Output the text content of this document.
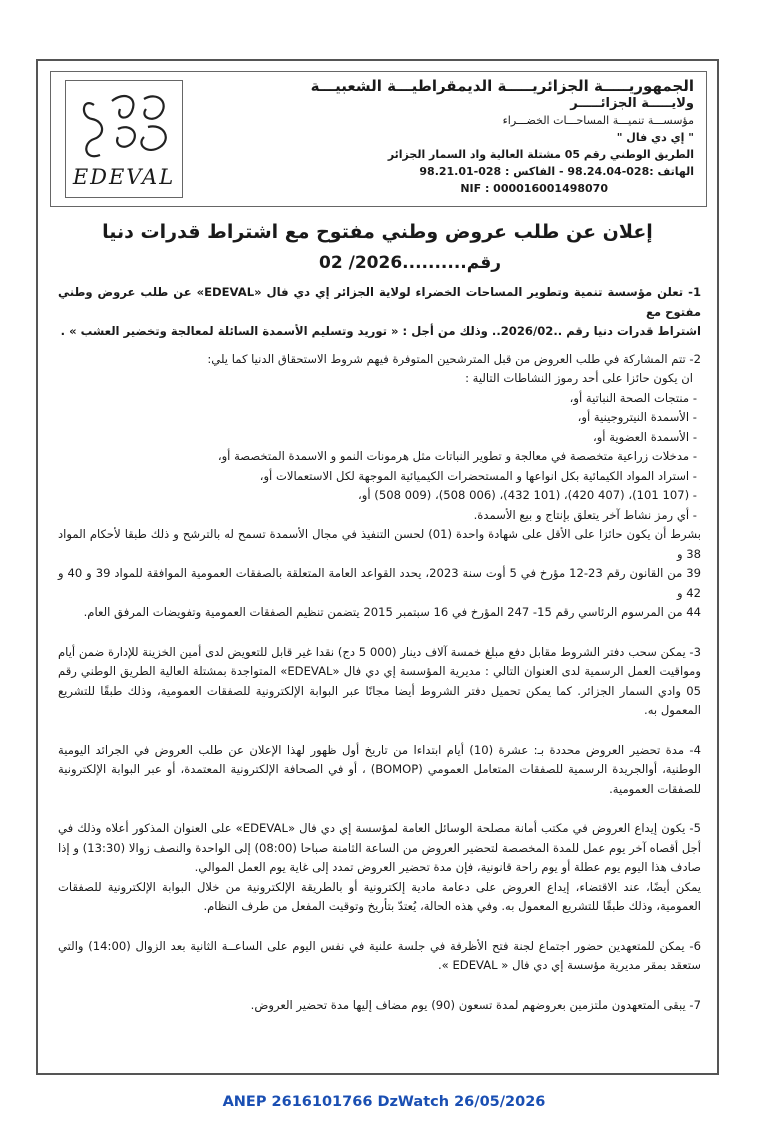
EDEVAL
الجمهوريـــــة الجزائريـــــة الديمقراطيـــة الشعبيـــة
ولايـــــة الجزائـــــر
مؤسســـة تنميـــة المساحـــات الخضـــراء
" إي دي فال "
الطريق الوطني رقم 05 مشتلة العالية واد السمار الجزائر
الهاتف :028-98.24.04 - الفاكس : 028-98.21.01
NIF : 000016001498070
إعلان عن طلب عروض وطني مفتوح مع اشتراط قدرات دنيا
رقم..........2026/ 02

1- تعلن مؤسسة تنمية وتطوير المساحات الخضراء لولاية الجزائر إي دي فال «EDEVAL» عن طلب عروض وطني مفتوح مع

اشتراط قدرات دنيا رقم ..2026/02.. وذلك من أجل : « توريد وتسليم الأسمدة السائلة لمعالجة وتخضير العشب » .

2- تتم المشاركة في طلب العروض من قبل المترشحين المتوفرة فيهم شروط الاستحقاق الدنيا كما يلي:

ان يكون حائزا على أحد رموز النشاطات التالية :

- منتجات الصحة النباتية أو،

- الأسمدة النيتروجينية أو،

- الأسمدة العضوية أو،

- مدخلات زراعية متخصصة في معالجة و تطوير النباتات مثل هرمونات النمو و الاسمدة المتخصصة أو،

- استراد المواد الكيمائية بكل انواعها و المستحضرات الكيميائية الموجهة لكل الاستعمالات أو،

- (107 101)، (407 420)، (101 432)، (006 508)، (009 508) أو،

- أي رمز نشاط آخر يتعلق بإنتاج و بيع الأسمدة.

بشرط أن يكون حائزا على الأقل على شهادة واحدة (01) لحسن التنفيذ في مجال الأسمدة تسمح له بالترشح و ذلك طبقا لأحكام المواد 38 و

39 من القانون رقم 23-12 مؤرخ في 5 أوت سنة 2023، يحدد القواعد العامة المتعلقة بالصفقات العمومية الموافقة للمواد 39 و 40 و 42 و

44 من المرسوم الرئاسي رقم 15- 247 المؤرخ في 16 سبتمبر 2015 يتضمن تنظيم الصفقات العمومية وتفويضات المرفق العام.

3- يمكن سحب دفتر الشروط مقابل دفع مبلغ خمسة آلاف دينار (000 5 دج) نقدا غير قابل للتعويض لدى أمين الخزينة للإدارة ضمن أيام ومواقيت العمل الرسمية لدى العنوان التالي : مديرية المؤسسة إي دي فال «EDEVAL» المتواجدة بمشتلة العالية الطريق الوطني رقم 05 وادي السمار الجزائر. كما يمكن تحميل دفتر الشروط أيضا مجانًا عبر البوابة الإلكترونية للصفقات العمومية، وذلك طبقًا للتشريع المعمول به.

4- مدة تحضير العروض محددة بـ: عشرة (10) أيام ابتداءا من تاريخ أول ظهور لهذا الإعلان عن طلب العروض في الجرائد اليومية الوطنية، أوالجريدة الرسمية للصفقات المتعامل العمومي (BOMOP) ، أو في الصحافة الإلكترونية المعتمدة، أو عبر البوابة الإلكترونية للصفقات العمومية.

5- يكون إيداع العروض في مكتب أمانة مصلحة الوسائل العامة لمؤسسة إي دي فال «EDEVAL» على العنوان المذكور أعلاه وذلك في أجل أقصاه آخر يوم عمل للمدة المخصصة لتحضير العروض من الساعة الثامنة صباحا (08:00) إلى الواحدة والنصف زوالا (13:30) و إذا صادف هذا اليوم يوم عطلة أو يوم راحة قانونية، فإن مدة تحضير العروض تمدد إلى غاية يوم العمل الموالي.

يمكن أيضًا، عند الاقتضاء، إيداع العروض على دعامة مادية إلكترونية أو بالطريقة الإلكترونية من خلال البوابة الإلكترونية للصفقات العمومية، وذلك طبقًا للتشريع المعمول به. وفي هذه الحالة، يُعتدّ بتأريخ وتوقيت المفعل من طرف النظام.

6- يمكن للمتعهدين حضور اجتماع لجنة فتح الأظرفة في جلسة علنية في نفس اليوم على الساعــة الثانية بعد الزوال (14:00) والتي ستعقد بمقر مديرية مؤسسة إي دي فال « EDEVAL ».

7- يبقى المتعهدون ملتزمين بعروضهم لمدة تسعون (90) يوم مضاف إليها مدة تحضير العروض.

ANEP 2616101766 DzWatch 26/05/2026
